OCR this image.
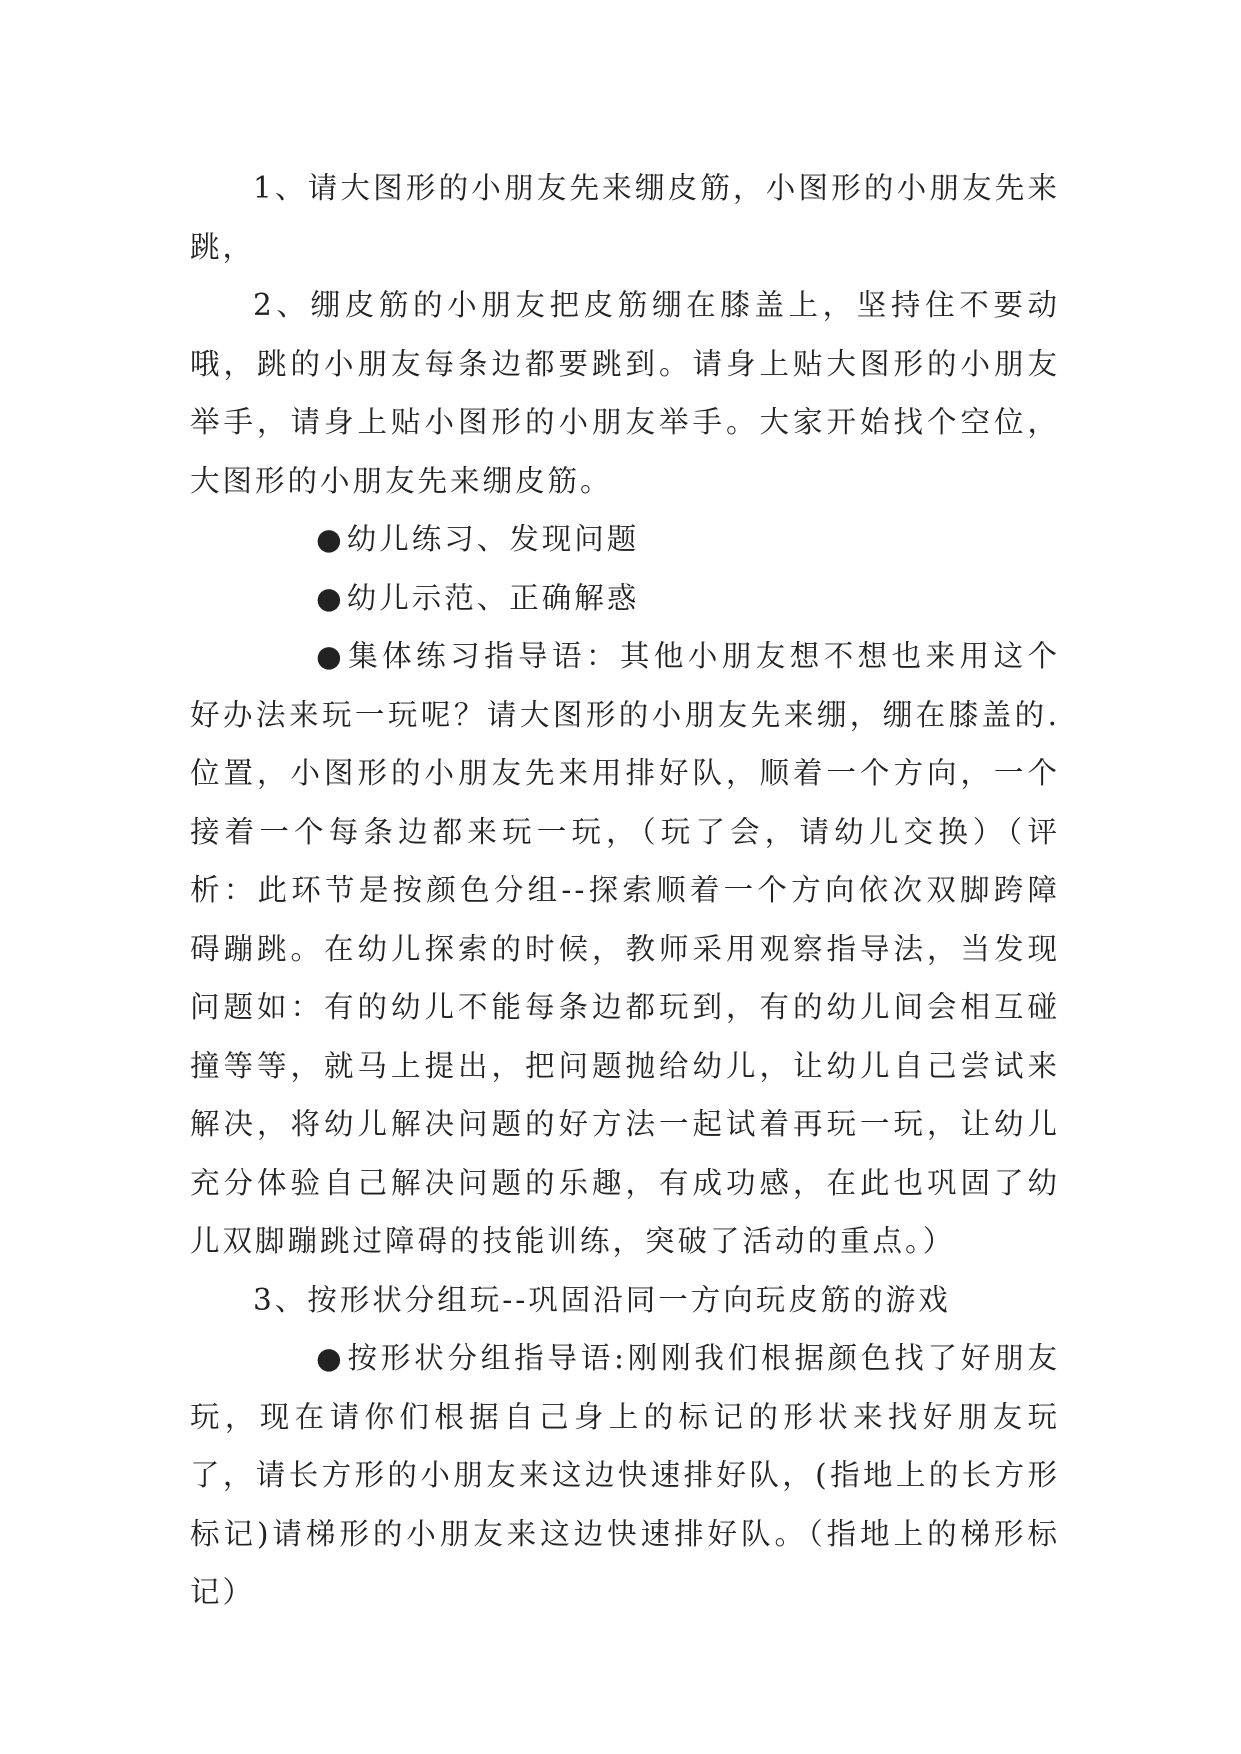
1、请大图形的小朋友先来绷皮筋，小图形的小朋友先来跳，

2、绷皮筋的小朋友把皮筋绷在膝盖上，坚持住不要动哦，跳的小朋友每条边都要跳到。请身上贴大图形的小朋友举手，请身上贴小图形的小朋友举手。大家开始找个空位，大图形的小朋友先来绷皮筋。

●幼儿练习、发现问题

●幼儿示范、正确解惑

●集体练习指导语：其他小朋友想不想也来用这个好办法来玩一玩呢？请大图形的小朋友先来绷，绷在膝盖的.位置，小图形的小朋友先来用排好队，顺着一个方向，一个接着一个每条边都来玩一玩，（玩了会，请幼儿交换）（评析：此环节是按颜色分组--探索顺着一个方向依次双脚跨障碍蹦跳。在幼儿探索的时候，教师采用观察指导法，当发现问题如：有的幼儿不能每条边都玩到，有的幼儿间会相互碰撞等等，就马上提出，把问题抛给幼儿，让幼儿自己尝试来解决，将幼儿解决问题的好方法一起试着再玩一玩，让幼儿充分体验自己解决问题的乐趣，有成功感，在此也巩固了幼儿双脚蹦跳过障碍的技能训练，突破了活动的重点。）

3、按形状分组玩--巩固沿同一方向玩皮筋的游戏

●按形状分组指导语:刚刚我们根据颜色找了好朋友玩，现在请你们根据自己身上的标记的形状来找好朋友玩了，请长方形的小朋友来这边快速排好队，(指地上的长方形标记)请梯形的小朋友来这边快速排好队。（指地上的梯形标记）
